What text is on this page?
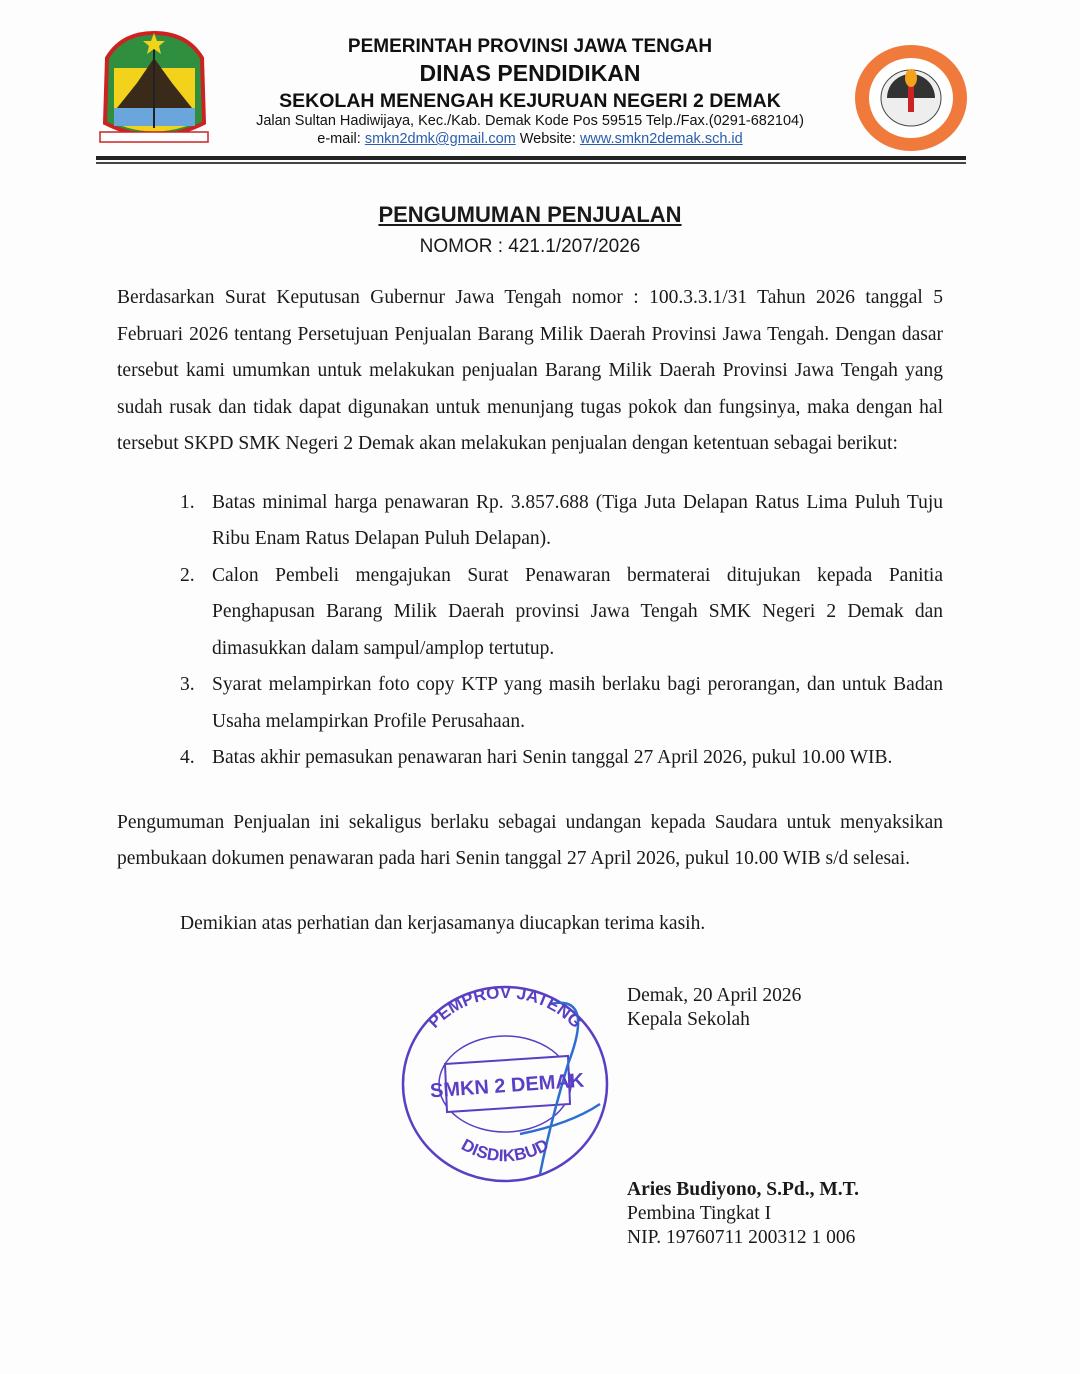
PEMERINTAH PROVINSI JAWA TENGAH
DINAS PENDIDIKAN
SEKOLAH MENENGAH KEJURUAN NEGERI 2 DEMAK
Jalan Sultan Hadiwijaya, Kec./Kab. Demak Kode Pos 59515 Telp./Fax.(0291-682104)
e-mail: smkn2dmk@gmail.com Website: www.smkn2demak.sch.id
PENGUMUMAN PENJUALAN
NOMOR : 421.1/207/2026
Berdasarkan Surat Keputusan Gubernur Jawa Tengah nomor : 100.3.3.1/31 Tahun 2026 tanggal 5 Februari 2026 tentang Persetujuan Penjualan Barang Milik Daerah Provinsi Jawa Tengah. Dengan dasar tersebut kami umumkan untuk melakukan penjualan Barang Milik Daerah Provinsi Jawa Tengah yang sudah rusak dan tidak dapat digunakan untuk menunjang tugas pokok dan fungsinya, maka dengan hal tersebut SKPD SMK Negeri 2 Demak akan melakukan penjualan dengan ketentuan sebagai berikut:
1. Batas minimal harga penawaran Rp. 3.857.688 (Tiga Juta Delapan Ratus Lima Puluh Tuju Ribu Enam Ratus Delapan Puluh Delapan).
2. Calon Pembeli mengajukan Surat Penawaran bermaterai ditujukan kepada Panitia Penghapusan Barang Milik Daerah provinsi Jawa Tengah SMK Negeri 2 Demak dan dimasukkan dalam sampul/amplop tertutup.
3. Syarat melampirkan foto copy KTP yang masih berlaku bagi perorangan, dan untuk Badan Usaha melampirkan Profile Perusahaan.
4. Batas akhir pemasukan penawaran hari Senin tanggal 27 April 2026, pukul 10.00 WIB.
Pengumuman Penjualan ini sekaligus berlaku sebagai undangan kepada Saudara untuk menyaksikan pembukaan dokumen penawaran pada hari Senin tanggal 27 April 2026, pukul 10.00 WIB s/d selesai.
Demikian atas perhatian dan kerjasamanya diucapkan terima kasih.
PEMPROV JATENG
DISDIKBUD
SMKN 2 DEMAK
Demak, 20 April 2026
Kepala Sekolah
Aries Budiyono, S.Pd., M.T.
Pembina Tingkat I
NIP. 19760711 200312 1 006
